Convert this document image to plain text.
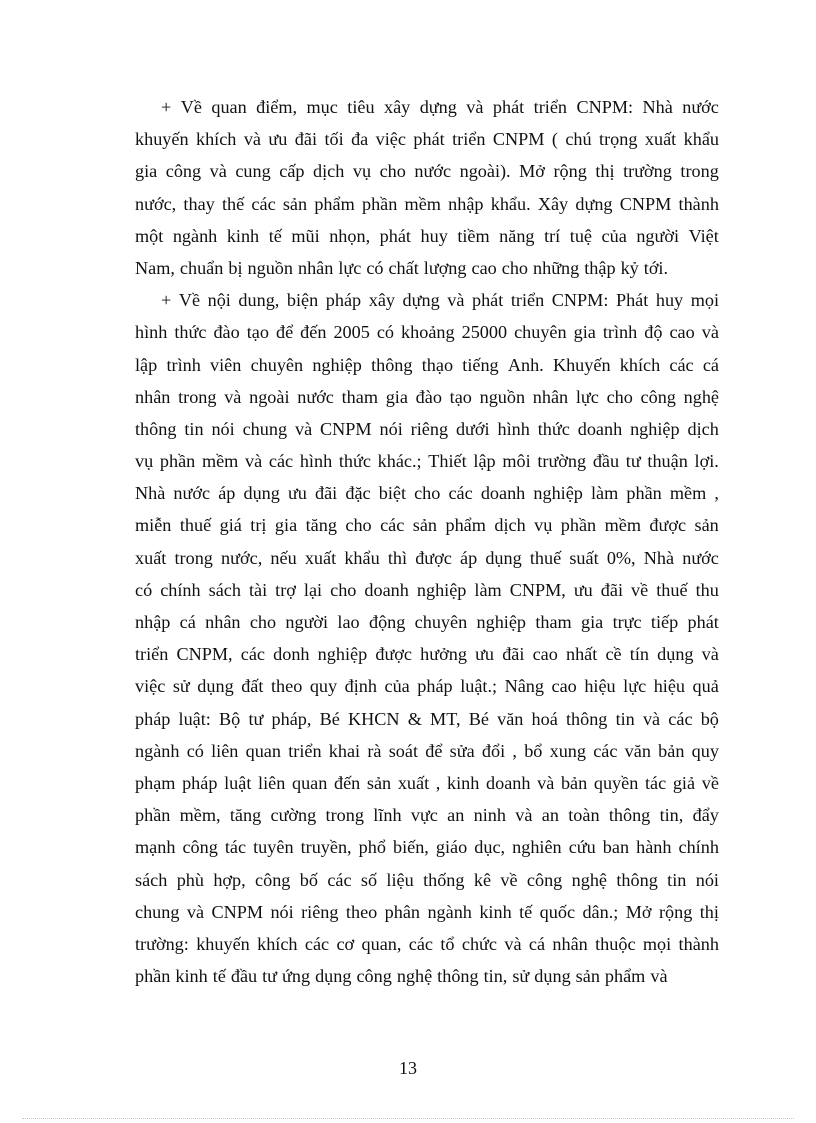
+ Về quan điểm, mục tiêu xây dựng và phát triển CNPM: Nhà nước
khuyến khích và ưu đãi tối đa việc phát triển CNPM ( chú trọng xuất khẩu
gia công và cung cấp dịch vụ cho nước ngoài). Mở rộng thị trường trong
nước, thay thế các sản phẩm phần mềm nhập khẩu. Xây dựng CNPM thành
một ngành kinh tế mũi nhọn, phát huy tiềm năng trí tuệ của người Việt
Nam, chuẩn bị nguồn nhân lực có chất lượng cao cho những thập kỷ tới.
+ Về nội dung, biện pháp xây dựng và phát triển CNPM: Phát huy mọi
hình thức đào tạo để đến 2005 có khoảng 25000 chuyên gia trình độ cao và
lập trình viên chuyên nghiệp thông thạo tiếng Anh. Khuyến khích các cá
nhân trong và ngoài nước tham gia đào tạo nguồn nhân lực cho công nghệ
thông tin nói chung và CNPM nói riêng dưới hình thức doanh nghiệp dịch
vụ phần mềm và các hình thức khác.; Thiết lập môi trường đầu tư thuận lợi.
Nhà nước áp dụng ưu đãi đặc biệt cho các doanh nghiệp làm phần mềm ,
miễn thuế giá trị gia tăng cho các sản phẩm dịch vụ phần mềm được sản
xuất trong nước, nếu xuất khẩu thì được áp dụng thuế suất 0%, Nhà nước
có chính sách tài trợ lại cho doanh nghiệp làm CNPM, ưu đãi về thuế thu
nhập cá nhân cho người lao động chuyên nghiệp tham gia trực tiếp phát
triển CNPM, các donh nghiệp được hưởng ưu đãi cao nhất cề tín dụng và
việc sử dụng đất theo quy định của pháp luật.; Nâng cao hiệu lực hiệu quả
pháp luật: Bộ tư pháp, Bé KHCN & MT, Bé văn hoá thông tin và các bộ
ngành có liên quan triển khai rà soát để sửa đổi , bổ xung các văn bản quy
phạm pháp luật liên quan đến sản xuất , kinh doanh và bản quyền tác giả về
phần mềm, tăng cường trong lĩnh vực an ninh và an toàn thông tin, đẩy
mạnh công tác tuyên truyền, phổ biến, giáo dục, nghiên cứu ban hành chính
sách phù hợp, công bố các số liệu thống kê về công nghệ thông tin nói
chung và CNPM nói riêng theo phân ngành kinh tế quốc dân.; Mở rộng thị
trường: khuyến khích các cơ quan, các tổ chức và cá nhân thuộc mọi thành
phần kinh tế đầu tư ứng dụng công nghệ thông tin, sử dụng sản phẩm và
13
